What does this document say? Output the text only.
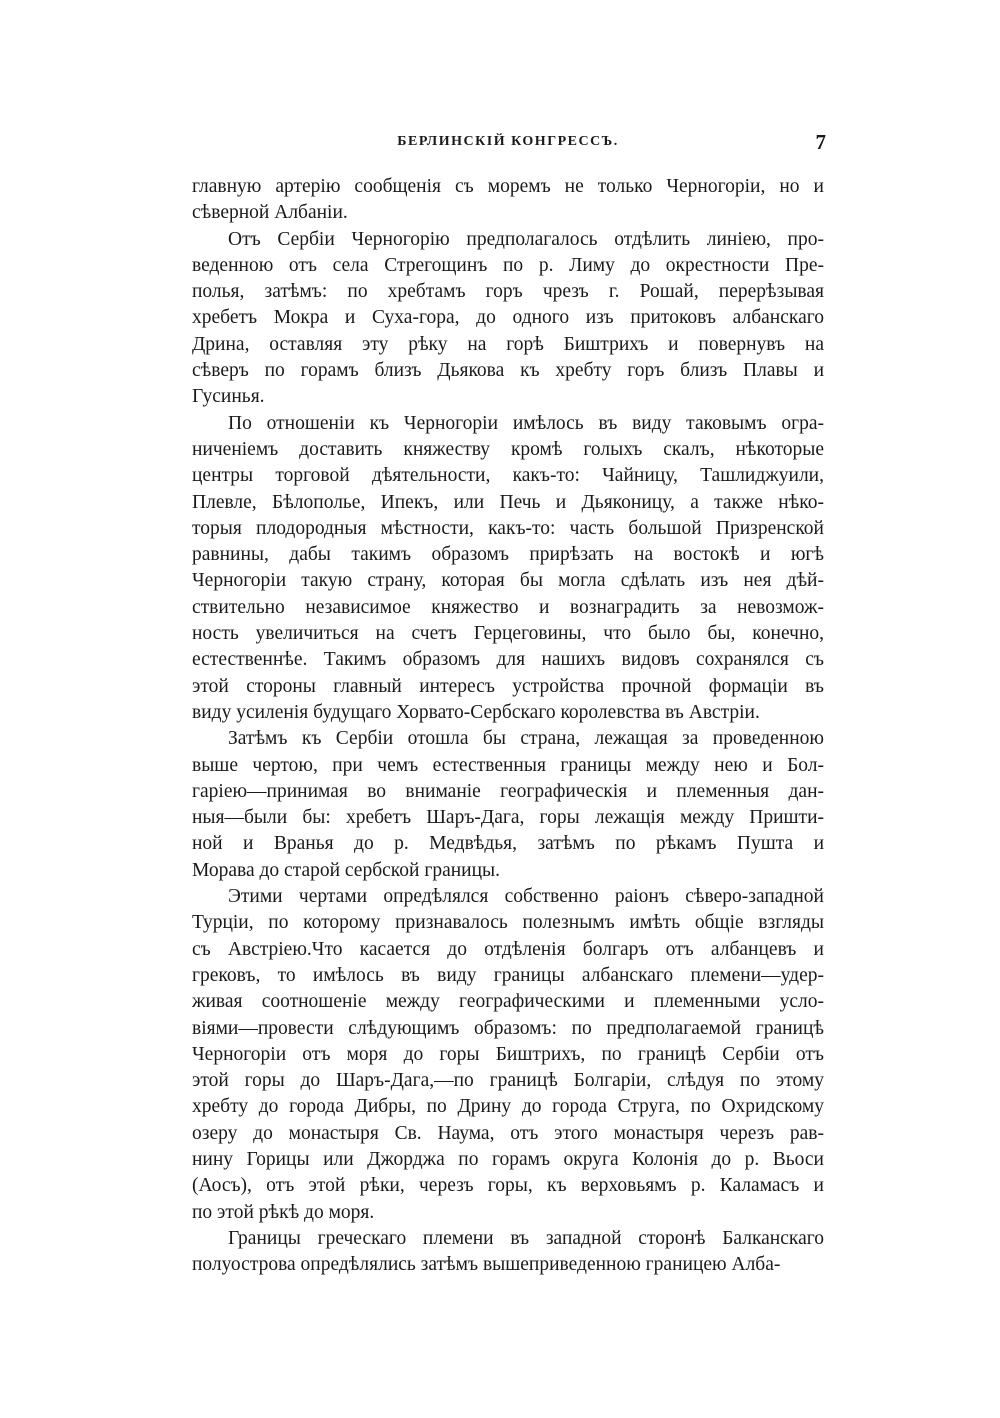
БЕРЛИНСКІЙ КОНГРЕССЪ.	7
главную артерію сообщенія съ моремъ не только Черногоріи, но и
сѣверной Албаніи.
Отъ Сербіи Черногорію предполагалось отдѣлить линіею, про-
веденною отъ села Стрегощинъ по р. Лиму до окрестности Пре-
полья, затѣмъ: по хребтамъ горъ чрезъ г. Рошай, перерѣзывая
хребетъ Мокра и Суха-гора, до одного изъ притоковъ албанскаго
Дрина, оставляя эту рѣку на горѣ Биштрихъ и повернувъ на
сѣверъ по горамъ близъ Дьякова къ хребту горъ близъ Плавы и
Гусинья.
По отношеніи къ Черногоріи имѣлось въ виду таковымъ огра-
ниченіемъ доставить княжеству кромѣ голыхъ скалъ, нѣкоторые
центры торговой дѣятельности, какъ-то: Чайницу, Ташлиджуили,
Плевле, Бѣлополье, Ипекъ, или Печь и Дьяконицу, а также нѣко-
торыя плодородныя мѣстности, какъ-то: часть большой Призренской
равнины, дабы такимъ образомъ прирѣзать на востокѣ и югѣ
Черногоріи такую страну, которая бы могла сдѣлать изъ нея дѣй-
ствительно независимое княжество и вознаградить за невозмож-
ность увеличиться на счетъ Герцеговины, что было бы, конечно,
естественнѣе. Такимъ образомъ для нашихъ видовъ сохранялся съ
этой стороны главный интересъ устройства прочной формаціи въ
виду усиленія будущаго Хорвато-Сербскаго королевства въ Австріи.
Затѣмъ къ Сербіи отошла бы страна, лежащая за проведенною
выше чертою, при чемъ естественныя границы между нею и Бол-
гаріею—принимая во вниманіе географическія и племенныя дан-
ныя—были бы: хребетъ Шаръ-Дага, горы лежащія между Пришти-
ной и Вранья до р. Медвѣдья, затѣмъ по рѣкамъ Пушта и
Морава до старой сербской границы.
Этими чертами опредѣлялся собственно раіонъ сѣверо-западной
Турціи, по которому признавалось полезнымъ имѣть общіе взгляды
съ Австріею.Что касается до отдѣленія болгаръ отъ албанцевъ и
грековъ, то имѣлось въ виду границы албанскаго племени—удер-
живая соотношеніе между географическими и племенными усло-
віями—провести слѣдующимъ образомъ: по предполагаемой границѣ
Черногоріи отъ моря до горы Биштрихъ, по границѣ Сербіи отъ
этой горы до Шаръ-Дага,—по границѣ Болгаріи, слѣдуя по этому
хребту до города Дибры, по Дрину до города Струга, по Охридскому
озеру до монастыря Св. Наума, отъ этого монастыря черезъ рав-
нину Горицы или Джорджа по горамъ округа Колонія до р. Вьоси
(Аосъ), отъ этой рѣки, черезъ горы, къ верховьямъ р. Каламасъ и
по этой рѣкѣ до моря.
Границы греческаго племени въ западной сторонѣ Балканскаго
полуострова опредѣлялись затѣмъ вышеприведенною границею Алба-
